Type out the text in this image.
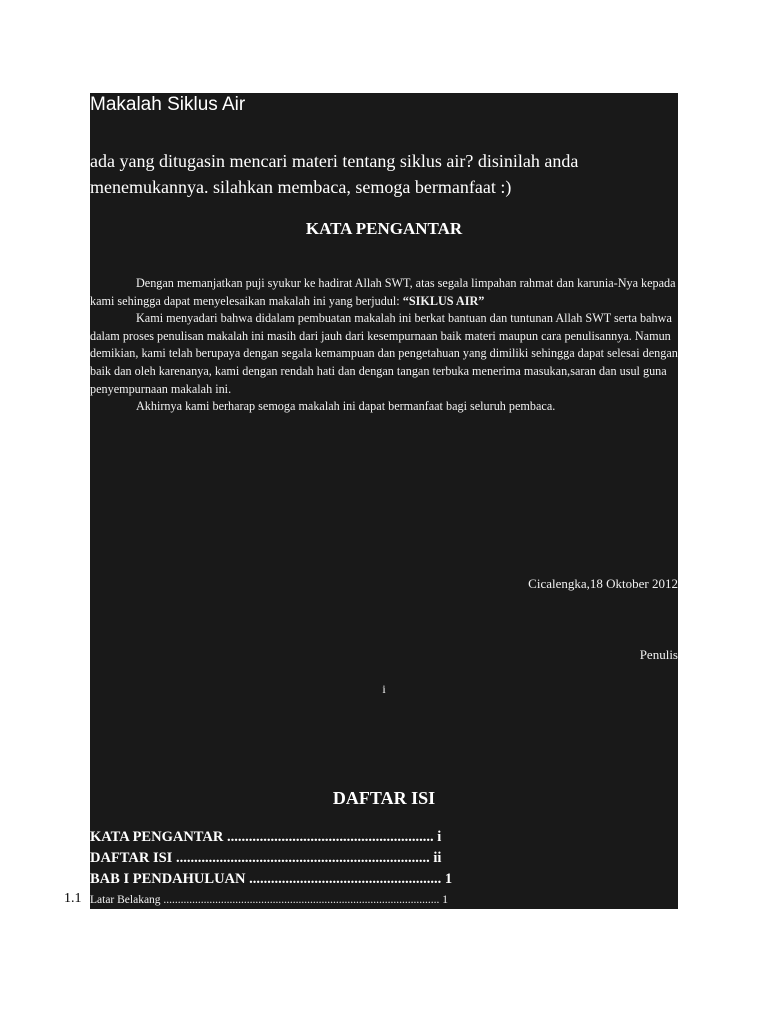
Makalah Siklus Air
ada yang ditugasin mencari materi tentang siklus air? disinilah anda
menemukannya. silahkan membaca, semoga bermanfaat :)
KATA PENGANTAR

Dengan memanjatkan puji syukur ke hadirat Allah SWT, atas segala limpahan rahmat dan karunia-Nya kepada kami sehingga dapat menyelesaikan makalah ini yang berjudul: “SIKLUS AIR”

Kami menyadari bahwa didalam pembuatan makalah ini berkat bantuan dan tuntunan Allah SWT serta bahwa dalam proses penulisan makalah ini masih dari jauh dari kesempurnaan baik materi maupun cara penulisannya. Namun demikian, kami telah berupaya dengan segala kemampuan dan pengetahuan yang dimiliki sehingga dapat selesai dengan baik dan oleh karenanya, kami dengan rendah hati dan dengan tangan terbuka menerima masukan,saran dan usul guna penyempurnaan makalah ini.

Akhirnya kami berharap semoga makalah ini dapat bermanfaat bagi seluruh pembaca.

Cicalengka,18 Oktober 2012
Penulis
i
DAFTAR ISI
KATA PENGANTAR ......................................................... i
DAFTAR ISI ...................................................................... ii
BAB I PENDAHULUAN ..................................................... 1
Latar Belakang ................................................................................................ 1
1.1
